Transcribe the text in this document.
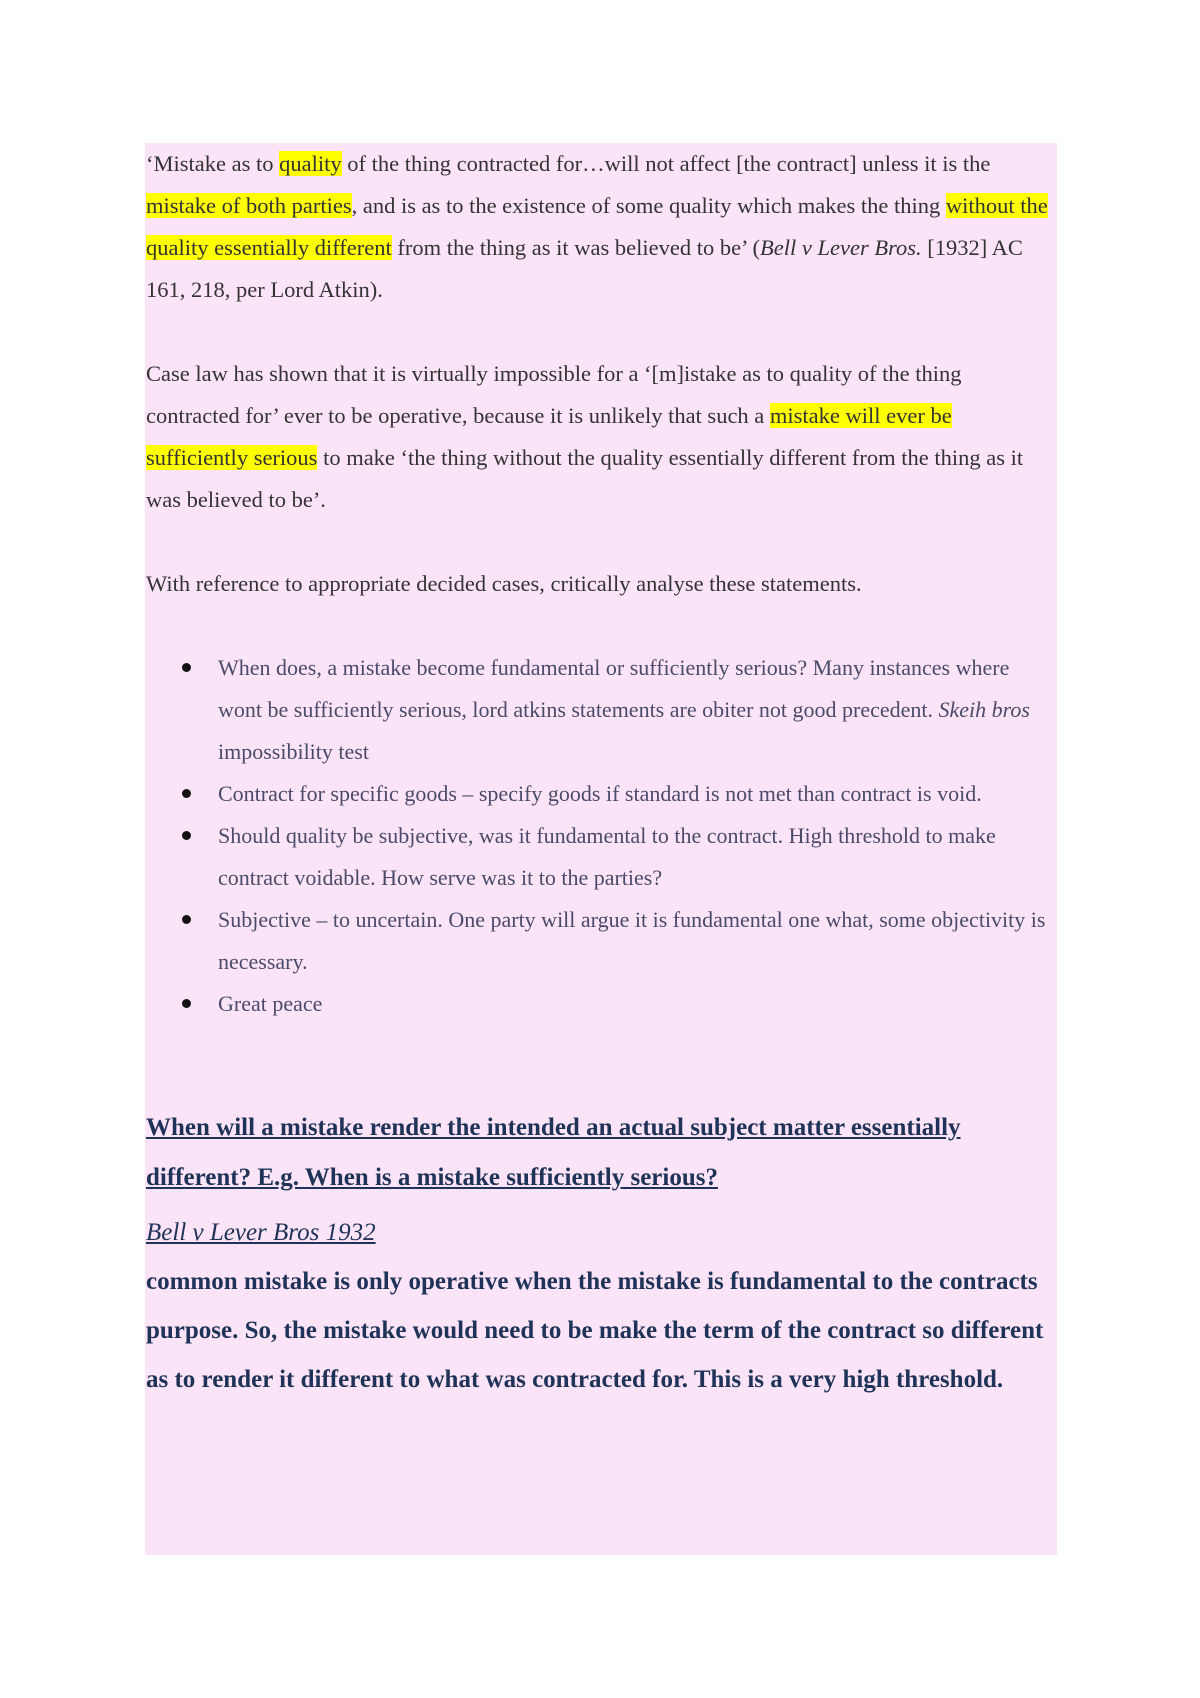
‘Mistake as to quality of the thing contracted for…will not affect [the contract] unless it is the mistake of both parties, and is as to the existence of some quality which makes the thing without the quality essentially different from the thing as it was believed to be’ (Bell v Lever Bros. [1932] AC 161, 218, per Lord Atkin).

Case law has shown that it is virtually impossible for a ‘[m]istake as to quality of the thing contracted for’ ever to be operative, because it is unlikely that such a mistake will ever be sufficiently serious to make ‘the thing without the quality essentially different from the thing as it was believed to be’.

With reference to appropriate decided cases, critically analyse these statements.

When does, a mistake become fundamental or sufficiently serious? Many instances where wont be sufficiently serious, lord atkins statements are obiter not good precedent. Skeih bros impossibility test
Contract for specific goods – specify goods if standard is not met than contract is void.
Should quality be subjective, was it fundamental to the contract. High threshold to make contract voidable. How serve was it to the parties?
Subjective – to uncertain. One party will argue it is fundamental one what, some objectivity is necessary.
Great peace
When will a mistake render the intended an actual subject matter essentially different? E.g. When is a mistake sufficiently serious?

Bell v Lever Bros 1932

common mistake is only operative when the mistake is fundamental to the contracts purpose. So, the mistake would need to be make the term of the contract so different as to render it different to what was contracted for. This is a very high threshold.
